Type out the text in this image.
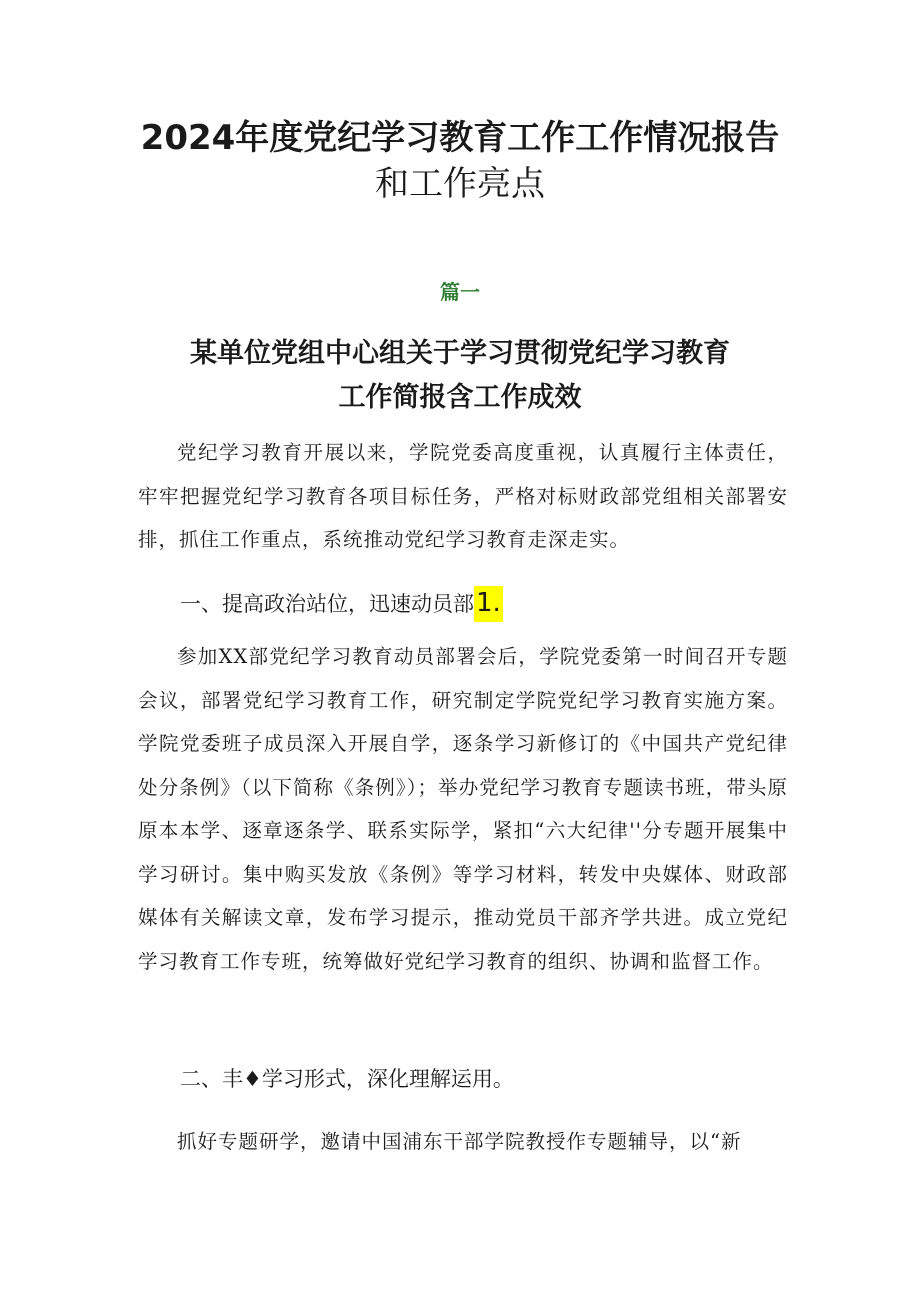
2024年度党纪学习教育工作工作情况报告
和工作亮点

篇一

某单位党组中心组关于学习贯彻党纪学习教育
工作简报含工作成效

党纪学习教育开展以来，学院党委高度重视，认真履行主体责任，牢牢把握党纪学习教育各项目标任务，严格对标财政部党组相关部署安排，抓住工作重点，系统推动党纪学习教育走深走实。

一、提高政治站位，迅速动员部1.

参加XX部党纪学习教育动员部署会后，学院党委第一时间召开专题会议，部署党纪学习教育工作，研究制定学院党纪学习教育实施方案。学院党委班子成员深入开展自学，逐条学习新修订的《中国共产党纪律处分条例》（以下简称《条例》）；举办党纪学习教育专题读书班，带头原原本本学、逐章逐条学、联系实际学，紧扣“六大纪律''分专题开展集中学习研讨。集中购买发放《条例》等学习材料，转发中央媒体、财政部媒体有关解读文章，发布学习提示，推动党员干部齐学共进。成立党纪学习教育工作专班，统筹做好党纪学习教育的组织、协调和监督工作。

二、丰♦学习形式，深化理解运用。

抓好专题研学，邀请中国浦东干部学院教授作专题辅导，以“新
